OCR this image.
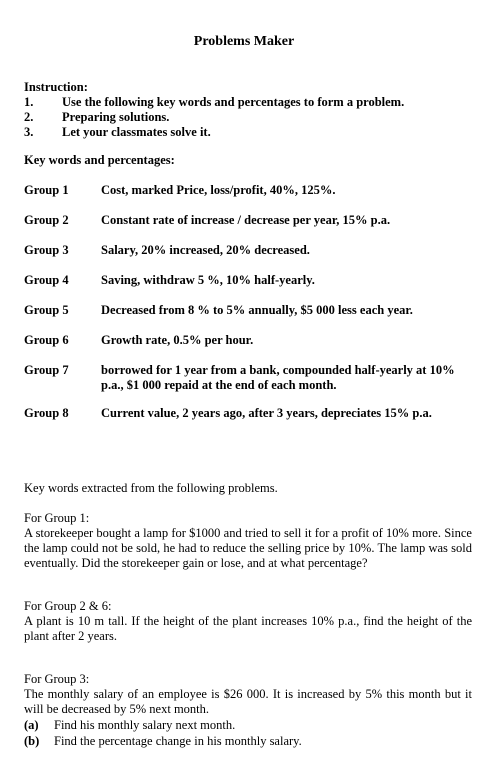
Problems Maker
Instruction:
1.	Use the following key words and percentages to form a problem.
2.	Preparing solutions.
3.	Let your classmates solve it.
Key words and percentages:
Group 1	Cost, marked Price, loss/profit, 40%, 125%.
Group 2	Constant rate of increase / decrease per year, 15% p.a.
Group 3	Salary, 20% increased, 20% decreased.
Group 4	Saving, withdraw 5 %, 10% half-yearly.
Group 5	Decreased from 8 % to 5% annually, $5 000 less each year.
Group 6	Growth rate, 0.5% per hour.
Group 7	borrowed for 1 year from a bank, compounded half-yearly at 10% p.a., $1 000 repaid at the end of each month.
Group 8	Current value, 2 years ago, after 3 years, depreciates 15% p.a.
Key words extracted from the following problems.
For Group 1:
A storekeeper bought a lamp for $1000 and tried to sell it for a profit of 10% more. Since the lamp could not be sold, he had to reduce the selling price by 10%. The lamp was sold eventually. Did the storekeeper gain or lose, and at what percentage?
For Group 2 & 6:
A plant is 10 m tall. If the height of the plant increases 10% p.a., find the height of the plant after 2 years.
For Group 3:
The monthly salary of an employee is $26 000. It is increased by 5% this month but it will be decreased by 5% next month.
(a) Find his monthly salary next month.
(b) Find the percentage change in his monthly salary.
